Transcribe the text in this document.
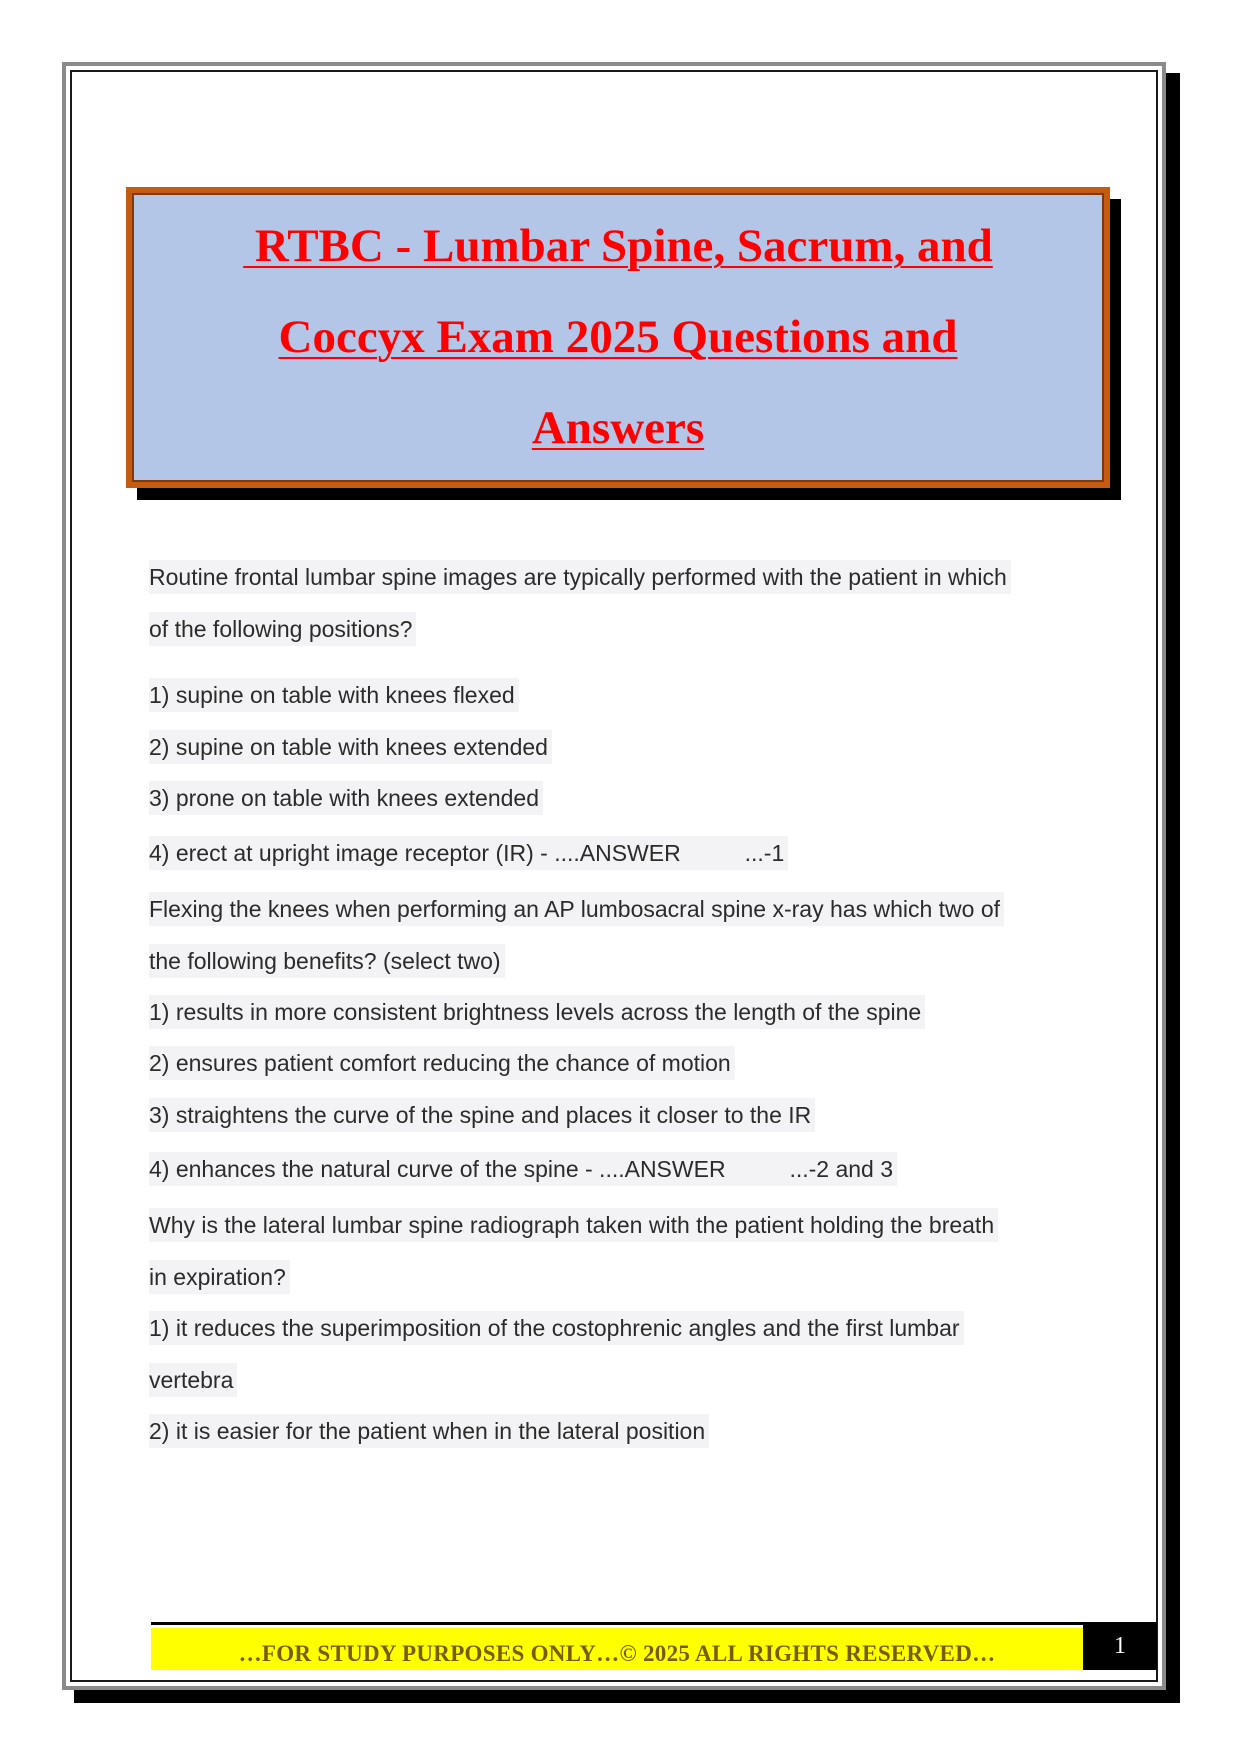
RTBC - Lumbar Spine, Sacrum, and
Coccyx Exam 2025 Questions and
Answers
Routine frontal lumbar spine images are typically performed with the patient in which
of the following positions?
1) supine on table with knees flexed
2) supine on table with knees extended
3) prone on table with knees extended
4) erect at upright image receptor (IR) - ....ANSWER          ...-1
Flexing the knees when performing an AP lumbosacral spine x-ray has which two of
the following benefits? (select two)
1) results in more consistent brightness levels across the length of the spine
2) ensures patient comfort reducing the chance of motion
3) straightens the curve of the spine and places it closer to the IR
4) enhances the natural curve of the spine - ....ANSWER          ...-2 and 3
Why is the lateral lumbar spine radiograph taken with the patient holding the breath
in expiration?
1) it reduces the superimposition of the costophrenic angles and the first lumbar
vertebra
2) it is easier for the patient when in the lateral position
…FOR STUDY PURPOSES ONLY…© 2025 ALL RIGHTS RESERVED…	1
